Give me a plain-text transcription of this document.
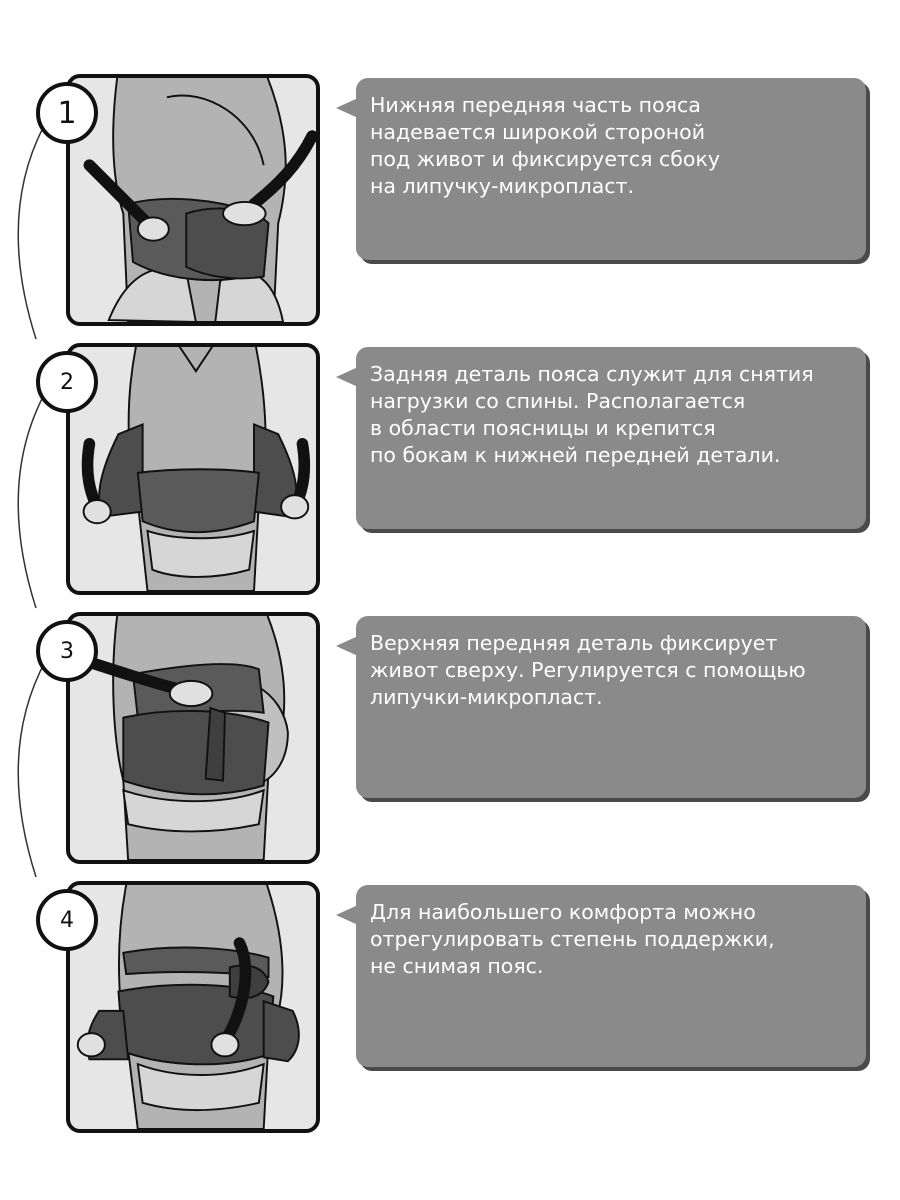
1	Нижняя передняя часть пояса
надевается широкой стороной
под живот и фиксируется сбоку
на липучку-микропласт.

2	Задняя деталь пояса служит для снятия
нагрузки со спины. Располагается
в области поясницы и крепится
по бокам к нижней передней детали.

3	Верхняя передняя деталь фиксирует
живот сверху. Регулируется с помощью
липучки-микропласт.

4	Для наибольшего комфорта можно
отрегулировать степень поддержки,
не снимая пояс.
